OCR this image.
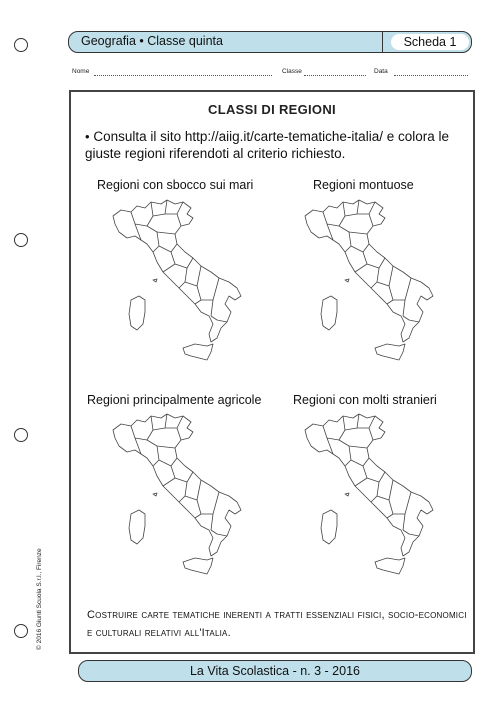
Geografia • Classe quinta	Scheda 1
Nome	Classe	Data
CLASSI DI REGIONI
• Consulta il sito http://aiig.it/carte-tematiche-italia/ e colora le giuste regioni riferendoti al criterio richiesto.
Regioni con sbocco sui mari	Regioni montuose
Regioni principalmente agricole	Regioni con molti stranieri
Costruire carte tematiche inerenti a tratti essenziali fisici, socio-economici e culturali relativi all'Italia.
La Vita Scolastica - n. 3 - 2016
© 2016 Giunti Scuola S.r.l., Firenze
